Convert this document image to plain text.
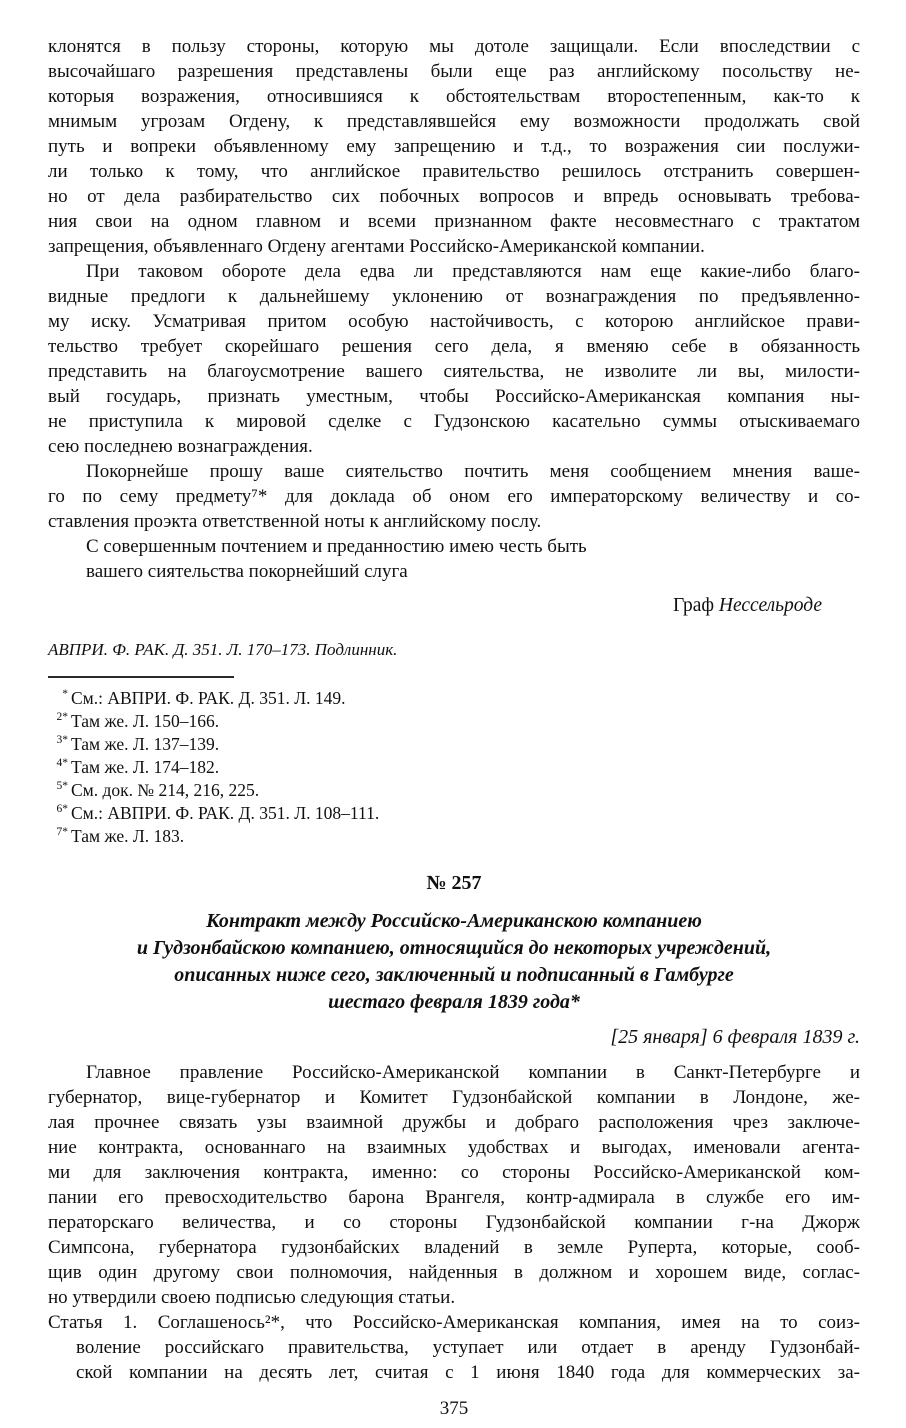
клонятся в пользу стороны, которую мы дотоле защищали. Если впоследствии с
высочайшаго разрешения представлены были еще раз английскому посольству не-
которыя возражения, относившияся к обстоятельствам второстепенным, как-то к
мнимым угрозам Огдену, к представлявшейся ему возможности продолжать свой
путь и вопреки объявленному ему запрещению и т.д., то возражения сии послужи-
ли только к тому, что английское правительство решилось отстранить совершен-
но от дела разбирательство сих побочных вопросов и впредь основывать требова-
ния свои на одном главном и всеми признанном факте несовместнаго с трактатом
запрещения, объявленнаго Огдену агентами Российско-Американской компании.
При таковом обороте дела едва ли представляются нам еще какие-либо благо-
видные предлоги к дальнейшему уклонению от вознаграждения по предъявленно-
му иску. Усматривая притом особую настойчивость, с которою английское прави-
тельство требует скорейшаго решения сего дела, я вменяю себе в обязанность
представить на благоусмотрение вашего сиятельства, не изволите ли вы, милости-
вый государь, признать уместным, чтобы Российско-Американская компания ны-
не приступила к мировой сделке с Гудзонскою касательно суммы отыскиваемаго
сею последнею вознаграждения.
Покорнейше прошу ваше сиятельство почтить меня сообщением мнения ваше-
го по сему предмету⁷* для доклада об оном его императорскому величеству и со-
ставления проэкта ответственной ноты к английскому послу.
С совершенным почтением и преданностию имею честь быть
вашего сиятельства покорнейший слуга
Граф Нессельроде
АВПРИ. Ф. РАК. Д. 351. Л. 170–173. Подлинник.
* См.: АВПРИ. Ф. РАК. Д. 351. Л. 149.
$^{2*}$ Там же. Л. 150–166.
$^{3*}$ Там же. Л. 137–139.
$^{4*}$ Там же. Л. 174–182.
$^{5*}$ См. док. № 214, 216, 225.
$^{6*}$ См.: АВПРИ. Ф. РАК. Д. 351. Л. 108–111.
$^{7*}$ Там же. Л. 183.
№ 257
Контракт между Российско-Американскою компаниею
и Гудзонбайскою компаниею, относящийся до некоторых учреждений,
описанных ниже сего, заключенный и подписанный в Гамбурге
шестаго февраля 1839 года*
[25 января] 6 февраля 1839 г.
Главное правление Российско-Американской компании в Санкт-Петербурге и
губернатор, вице-губернатор и Комитет Гудзонбайской компании в Лондоне, же-
лая прочнее связать узы взаимной дружбы и добраго расположения чрез заключе-
ние контракта, основаннаго на взаимных удобствах и выгодах, именовали агента-
ми для заключения контракта, именно: со стороны Российско-Американской ком-
пании его превосходительство барона Врангеля, контр-адмирала в службе его им-
ператорскаго величества, и со стороны Гудзонбайской компании г-на Джорж
Симпсона, губернатора гудзонбайских владений в земле Руперта, которые, сооб-
щив один другому свои полномочия, найденныя в должном и хорошем виде, соглас-
но утвердили своею подписью следующия статьи.
Статья 1. Соглашенось²*, что Российско-Американская компания, имея на то соиз-
воление российскаго правительства, уступает или отдает в аренду Гудзонбай-
ской компании на десять лет, считая с 1 июня 1840 года для коммерческих за-
375
